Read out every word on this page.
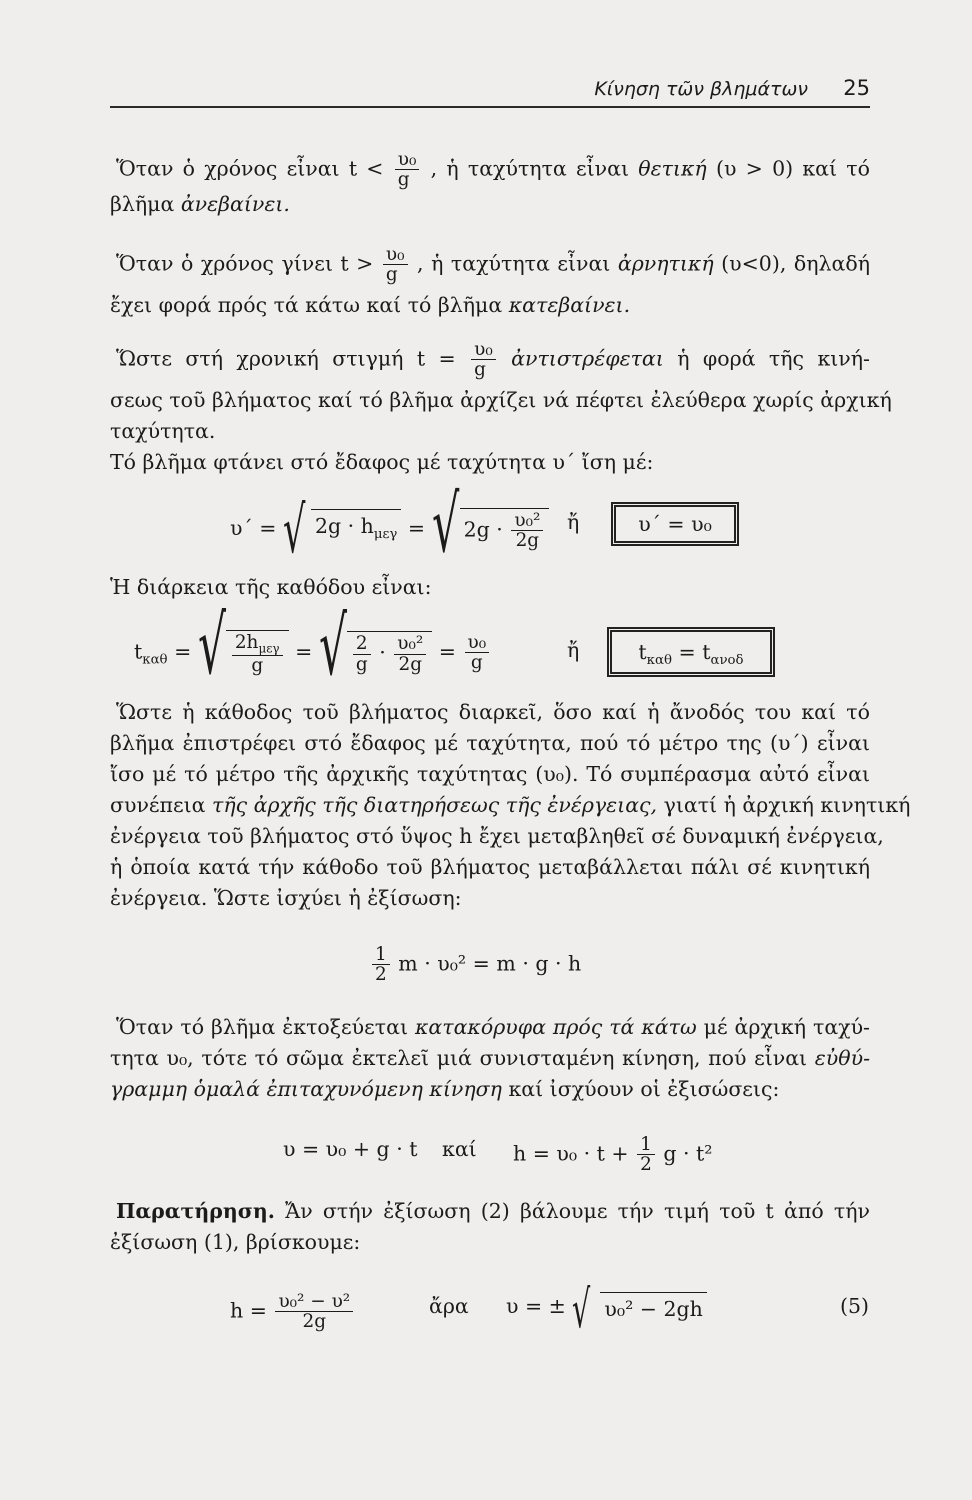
Κίνηση τῶν βλημάτων 25
Ὅταν ὁ χρόνος εἶναι $t < \frac{\text{υ₀}}{g}$ , ἡ ταχύτητα εἶναι θετική (υ > 0) καί τό
βλῆμα ἀνεβαίνει.
Ὅταν ὁ χρόνος γίνει $t > \frac{\text{υ₀}}{g}$ , ἡ ταχύτητα εἶναι ἀρνητική (υ<0), δηλαδή
ἔχει φορά πρός τά κάτω καί τό βλῆμα κατεβαίνει.
Ὥστε στή χρονική στιγμή $t = \frac{\text{υ₀}}{g}$ ἀντιστρέφεται ἡ φορά τῆς κινή-
σεως τοῦ βλήματος καί τό βλῆμα ἀρχίζει νά πέφτει ἐλεύθερα χωρίς ἀρχική
ταχύτητα.
Τό βλῆμα φτάνει στό ἔδαφος μέ ταχύτητα υ΄ ἴση μέ:
υ΄ = √ $2g \cdot h_{\mu\varepsilon\gamma}$ = √ $2g \cdot \frac{\text{υ₀²}}{2g}$ ἤ	υ΄ = υ₀
Ἡ διάρκεια τῆς καθόδου εἶναι:
$t_{\kappa\alpha\theta}$ = √ $\frac{2h_{\mu\varepsilon\gamma}}{g}$ = √ $\frac{2}{g} \cdot \frac{\text{υ₀²}}{2g} = \frac{\text{υ₀}}{g}$	ἤ	$t_{\kappa\alpha\theta} = t_{\alpha\nu o\delta}$
Ὥστε ἡ κάθοδος τοῦ βλήματος διαρκεῖ, ὅσο καί ἡ ἄνοδός του καί τό
βλῆμα ἐπιστρέφει στό ἔδαφος μέ ταχύτητα, πού τό μέτρο της (υ΄) εἶναι
ἴσο μέ τό μέτρο τῆς ἀρχικῆς ταχύτητας (υ₀). Τό συμπέρασμα αὐτό εἶναι
συνέπεια τῆς ἀρχῆς τῆς διατηρήσεως τῆς ἐνέργειας, γιατί ἡ ἀρχική κινητική
ἐνέργεια τοῦ βλήματος στό ὕψος h ἔχει μεταβληθεῖ σέ δυναμική ἐνέργεια,
ἡ ὁποία κατά τήν κάθοδο τοῦ βλήματος μεταβάλλεται πάλι σέ κινητική
ἐνέργεια. Ὥστε ἰσχύει ἡ ἐξίσωση:
$\frac{1}{2}$ m · υ₀² = m · g · h
Ὅταν τό βλῆμα ἐκτοξεύεται κατακόρυφα πρός τά κάτω μέ ἀρχική ταχύ-
τητα υ₀, τότε τό σῶμα ἐκτελεῖ μιά συνισταμένη κίνηση, πού εἶναι εὐθύ-
γραμμη ὁμαλά ἐπιταχυνόμενη κίνηση καί ἰσχύουν οἱ ἐξισώσεις:
υ = υ₀ + g · t καί $h = \upsilon_0 \cdot t + \frac{1}{2}$ g · t²
Παρατήρηση. Ἄν στήν ἐξίσωση (2) βάλουμε τήν τιμή τοῦ t ἀπό τήν
ἐξίσωση (1), βρίσκουμε:
$h = \frac{\text{υ₀² − υ²}}{2g}$	ἄρα υ = ± √ υ₀² − 2gh	(5)
